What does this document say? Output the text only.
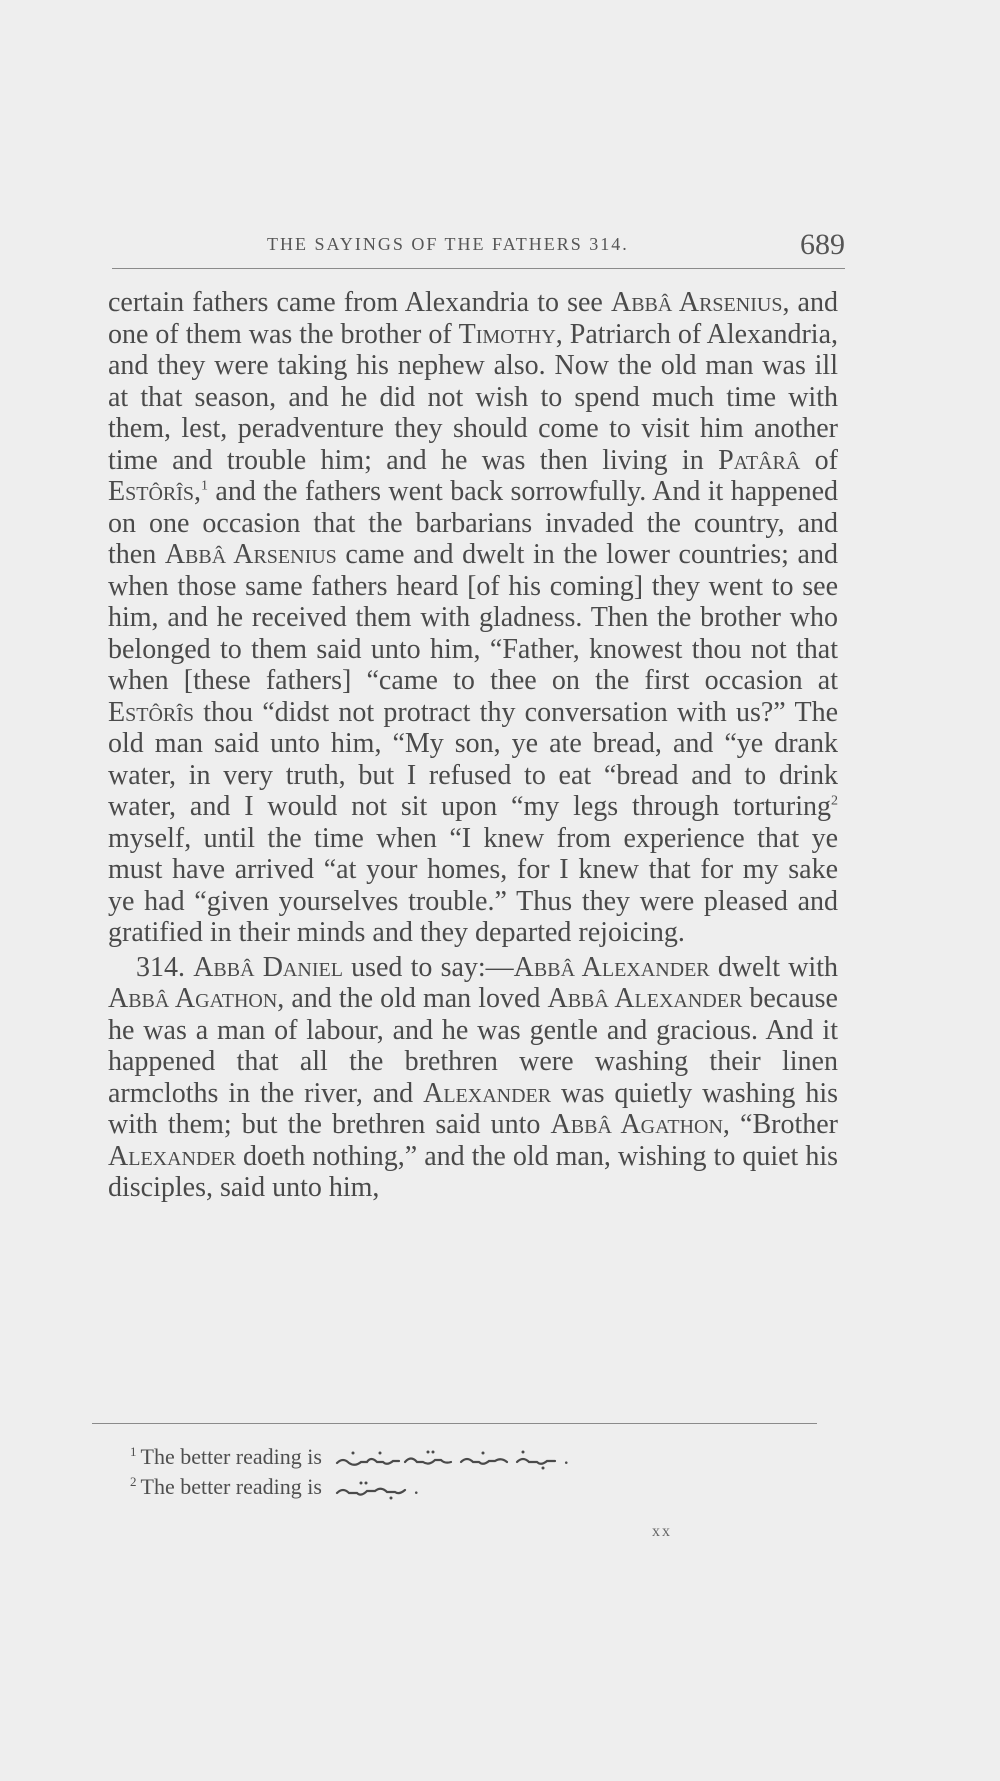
THE SAYINGS OF THE FATHERS 314.	689

certain fathers came from Alexandria to see Abbâ Arsenius, and one of them was the brother of Timothy, Patriarch of Alexandria, and they were taking his nephew also. Now the old man was ill at that season, and he did not wish to spend much time with them, lest, peradventure they should come to visit him another time and trouble him; and he was then living in Patârâ of Estôrîs,$^1$ and the fathers went back sorrowfully. And it happened on one occasion that the barbarians invaded the country, and then Abbâ Arsenius came and dwelt in the lower countries; and when those same fathers heard [of his coming] they went to see him, and he received them with gladness. Then the brother who belonged to them said unto him, “Father, knowest thou not that when [these fathers] “came to thee on the first occasion at Estôrîs thou “didst not protract thy conversation with us?” The old man said unto him, “My son, ye ate bread, and “ye drank water, in very truth, but I refused to eat “bread and to drink water, and I would not sit upon “my legs through torturing$^2$ myself, until the time when “I knew from experience that ye must have arrived “at your homes, for I knew that for my sake ye had “given yourselves trouble.” Thus they were pleased and gratified in their minds and they departed rejoicing.

314. Abbâ Daniel used to say:—Abbâ Alexander dwelt with Abbâ Agathon, and the old man loved Abbâ Alexander because he was a man of labour, and he was gentle and gracious. And it happened that all the brethren were washing their linen armcloths in the river, and Alexander was quietly washing his with them; but the brethren said unto Abbâ Agathon, “Brother Alexander doeth nothing,” and the old man, wishing to quiet his disciples, said unto him,

$^1$ The better reading is	.
$^2$ The better reading is	.
xx
